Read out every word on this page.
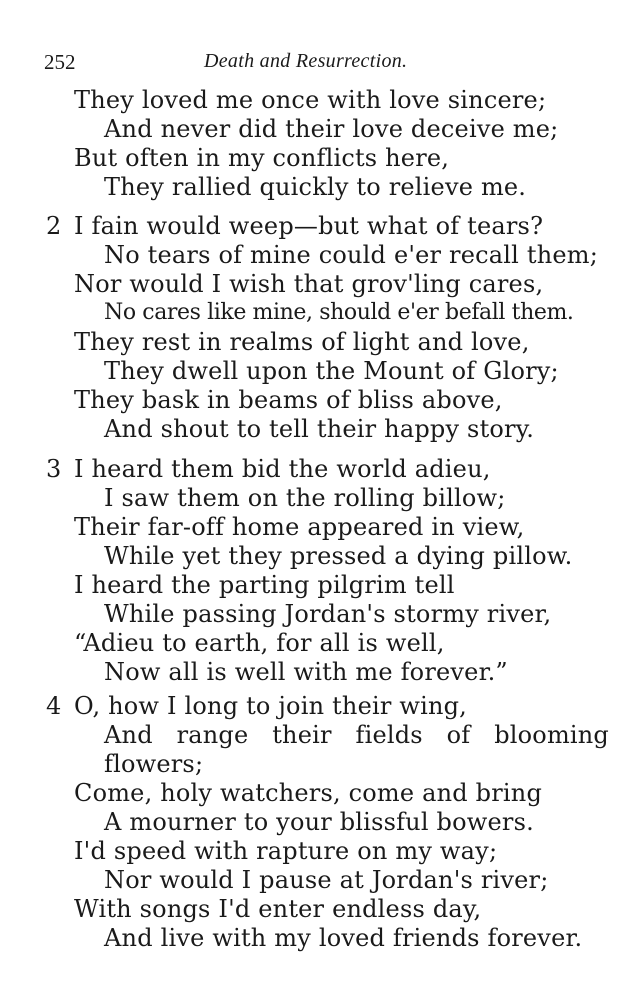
252	Death and Resurrection.
They loved me once with love sincere;
And never did their love deceive me;
But often in my conflicts here,
They rallied quickly to relieve me.
2 I fain would weep—but what of tears?
No tears of mine could e'er recall them;
Nor would I wish that grov'ling cares,
No cares like mine, should e'er befall them.
They rest in realms of light and love,
They dwell upon the Mount of Glory;
They bask in beams of bliss above,
And shout to tell their happy story.
3 I heard them bid the world adieu,
I saw them on the rolling billow;
Their far-off home appeared in view,
While yet they pressed a dying pillow.
I heard the parting pilgrim tell
While passing Jordan's stormy river,
“Adieu to earth, for all is well,
Now all is well with me forever.”
4 O, how I long to join their wing,
And range their fields of blooming
flowers;
Come, holy watchers, come and bring
A mourner to your blissful bowers.
I'd speed with rapture on my way;
Nor would I pause at Jordan's river;
With songs I'd enter endless day,
And live with my loved friends forever.
